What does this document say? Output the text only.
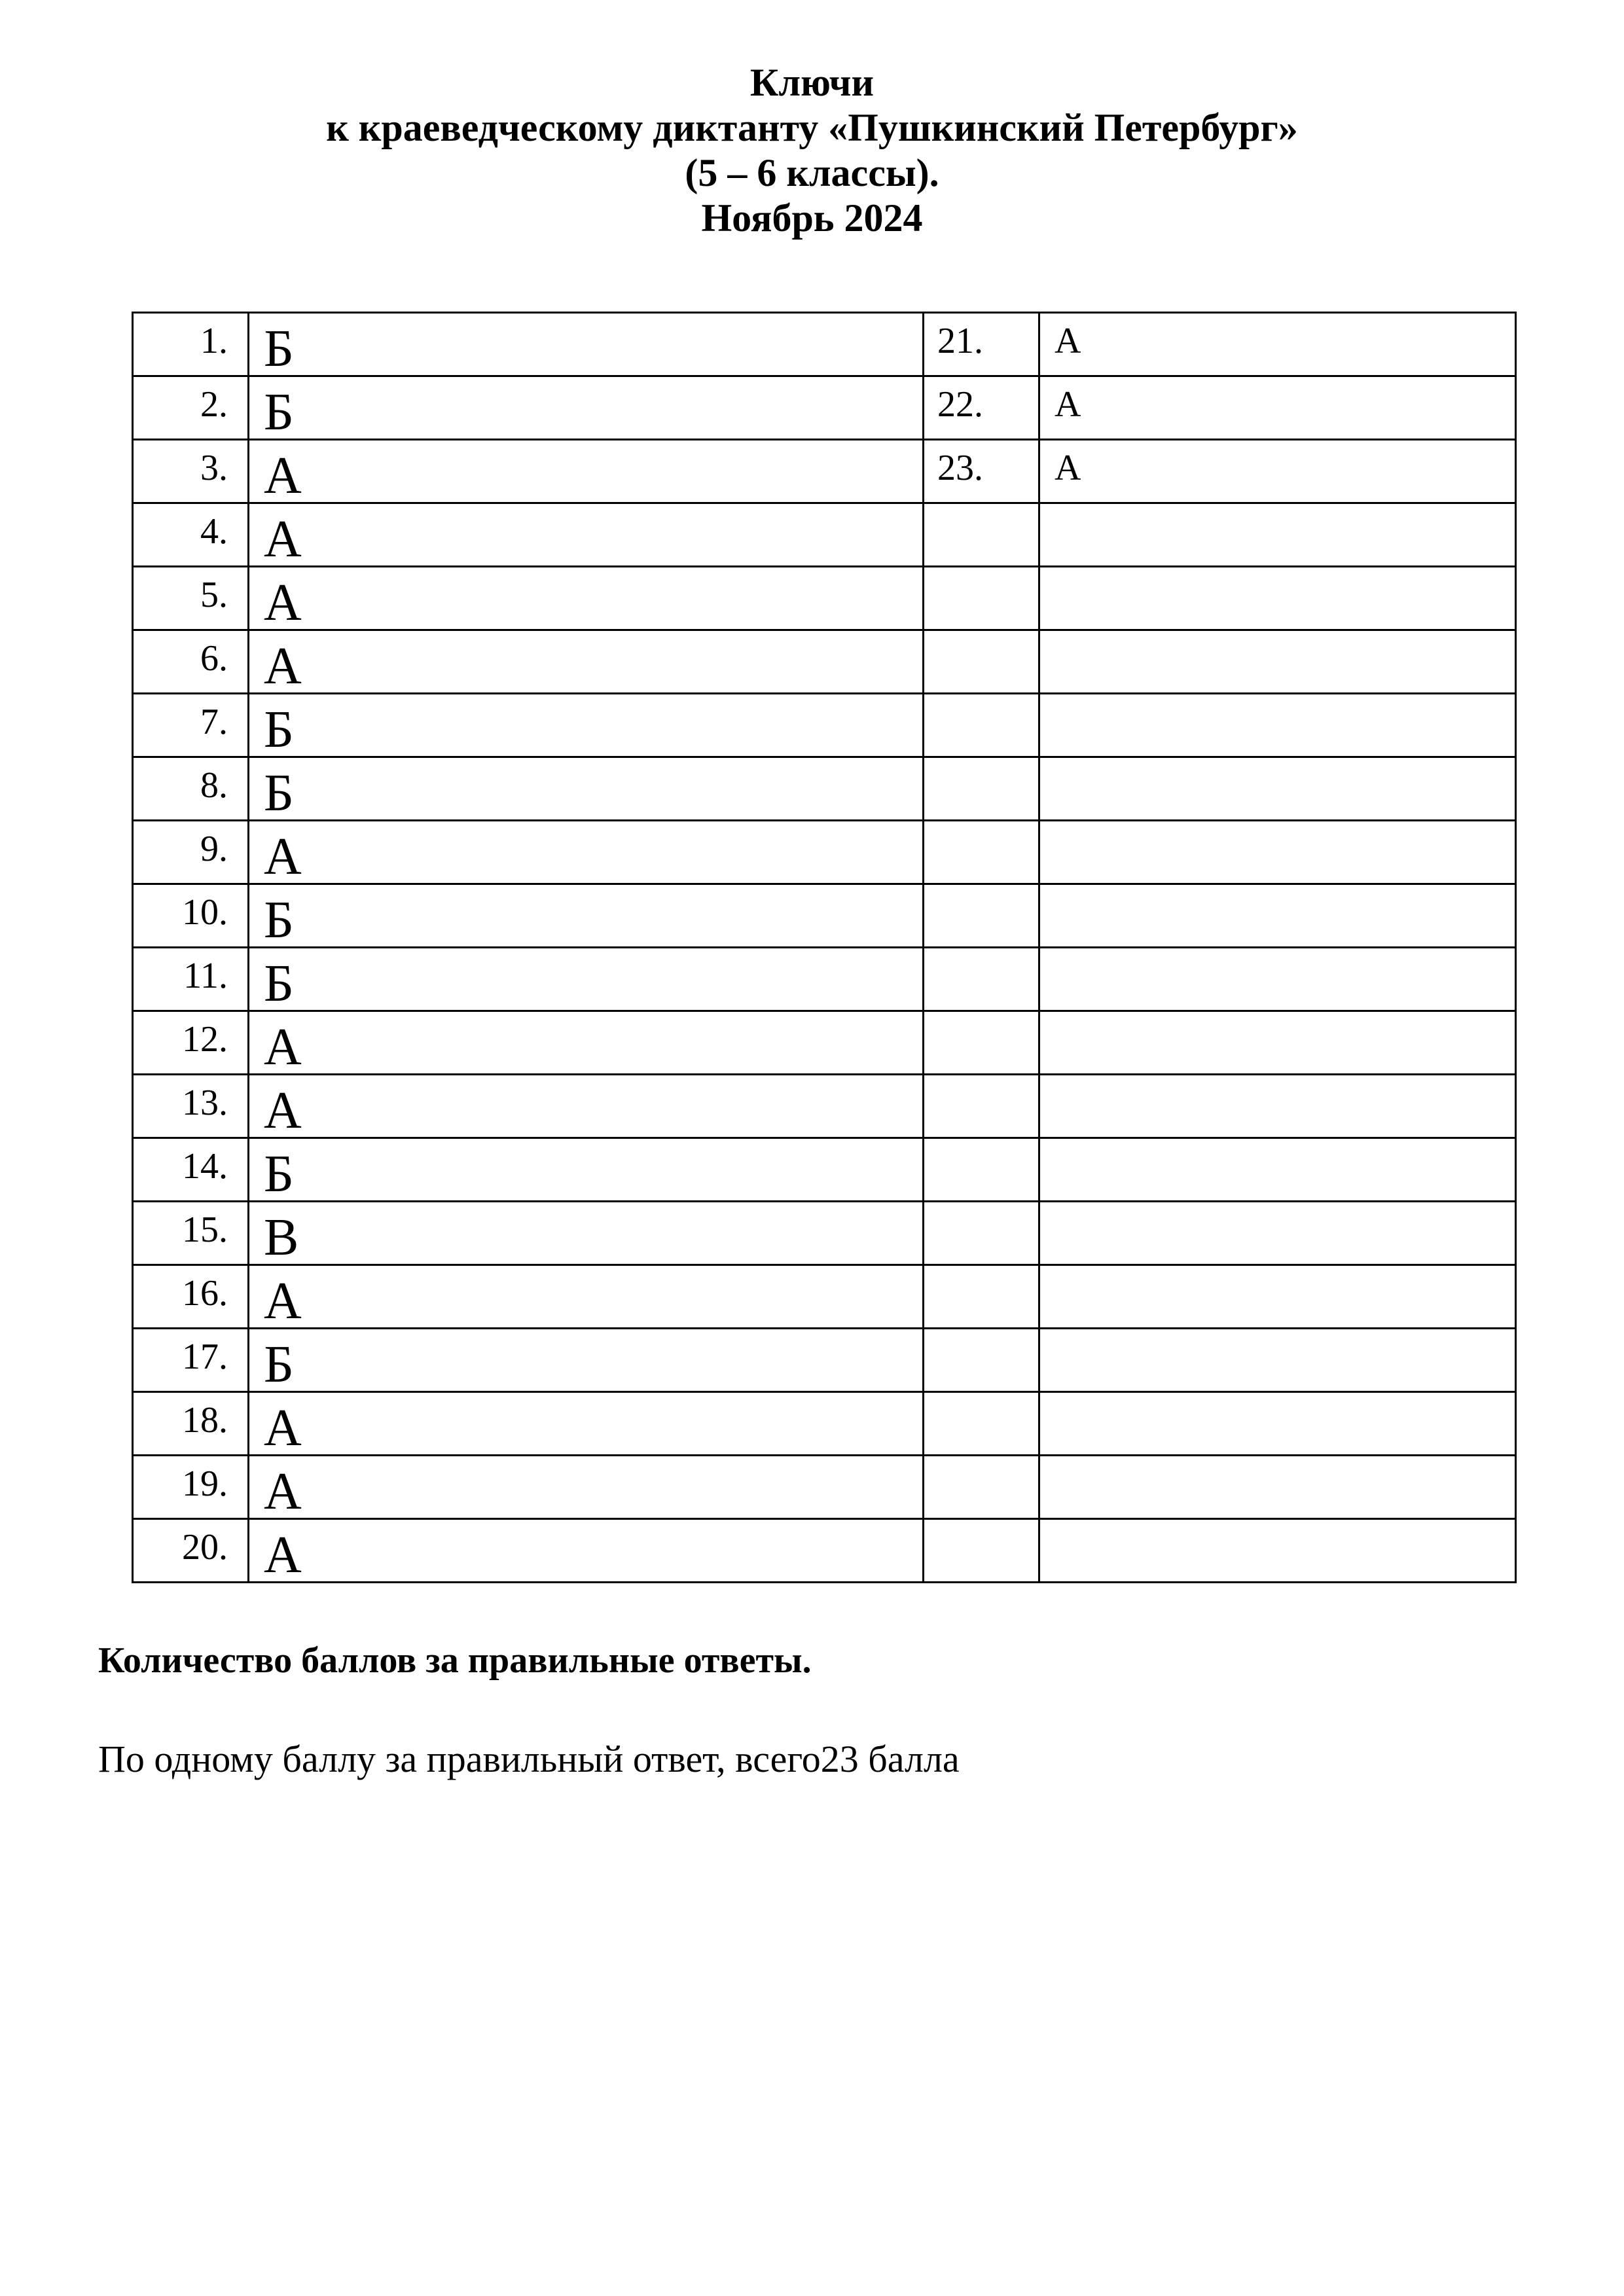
Ключи
к краеведческому диктанту «Пушкинский Петербург»
(5 – 6 классы).
Ноябрь 2024
1.	Б	21.	А
2.	Б	22.	А
3.	А	23.	А
4.	А		
5.	А		
6.	А		
7.	Б		
8.	Б		
9.	А		
10.	Б		
11.	Б		
12.	А		
13.	А		
14.	Б		
15.	В		
16.	А		
17.	Б		
18.	А		
19.	А		
20.	А		
Количество баллов за правильные ответы.
По одному баллу за правильный ответ, всего23 балла
